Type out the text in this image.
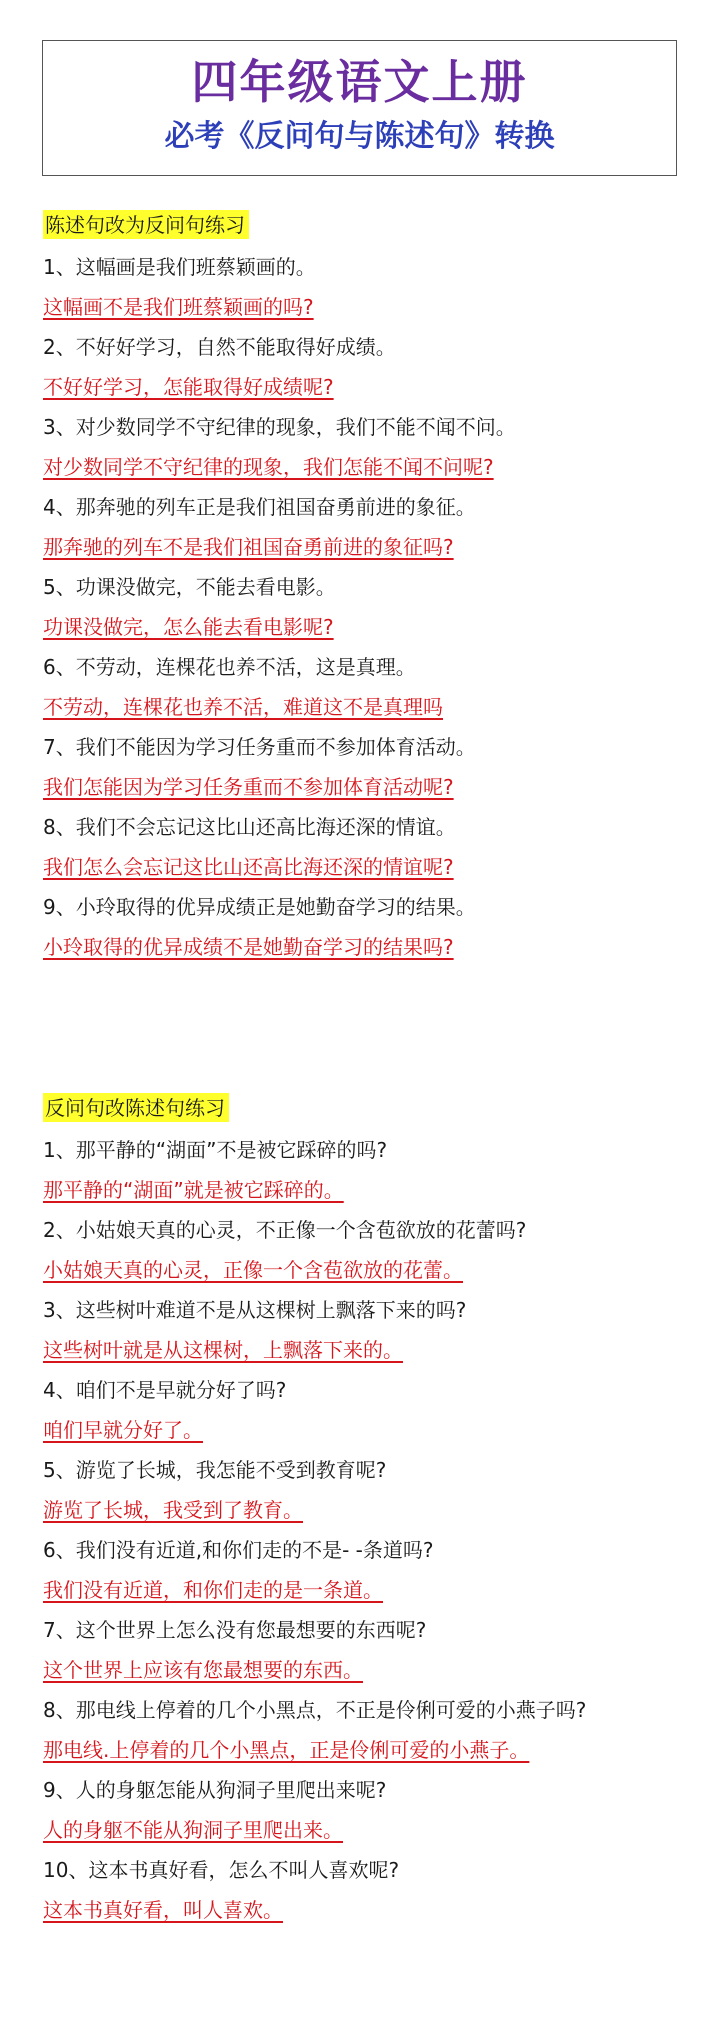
四年级语文上册
必考《反问句与陈述句》转换
陈述句改为反问句练习
1、这幅画是我们班蔡颖画的。
这幅画不是我们班蔡颖画的吗?
2、不好好学习，自然不能取得好成绩。
不好好学习，怎能取得好成绩呢?
3、对少数同学不守纪律的现象，我们不能不闻不问。
对少数同学不守纪律的现象，我们怎能不闻不问呢?
4、那奔驰的列车正是我们祖国奋勇前进的象征。
那奔驰的列车不是我们祖国奋勇前进的象征吗?
5、功课没做完，不能去看电影。
功课没做完，怎么能去看电影呢?
6、不劳动，连棵花也养不活，这是真理。
不劳动，连棵花也养不活，难道这不是真理吗
7、我们不能因为学习任务重而不参加体育活动。
我们怎能因为学习任务重而不参加体育活动呢?
8、我们不会忘记这比山还高比海还深的情谊。
我们怎么会忘记这比山还高比海还深的情谊呢?
9、小玲取得的优异成绩正是她勤奋学习的结果。
小玲取得的优异成绩不是她勤奋学习的结果吗?
反问句改陈述句练习
1、那平静的“湖面”不是被它踩碎的吗?
那平静的“湖面”就是被它踩碎的。
2、小姑娘天真的心灵，不正像一个含苞欲放的花蕾吗?
小姑娘天真的心灵，正像一个含苞欲放的花蕾。
3、这些树叶难道不是从这棵树上飘落下来的吗?
这些树叶就是从这棵树，上飘落下来的。
4、咱们不是早就分好了吗?
咱们早就分好了。
5、游览了长城，我怎能不受到教育呢?
游览了长城，我受到了教育。
6、我们没有近道,和你们走的不是- -条道吗?
我们没有近道，和你们走的是一条道。
7、这个世界上怎么没有您最想要的东西呢?
这个世界上应该有您最想要的东西。
8、那电线上停着的几个小黑点，不正是伶俐可爱的小燕子吗?
那电线.上停着的几个小黑点，正是伶俐可爱的小燕子。
9、人的身躯怎能从狗洞子里爬出来呢?
人的身躯不能从狗洞子里爬出来。
10、这本书真好看，怎么不叫人喜欢呢?
这本书真好看，叫人喜欢。
